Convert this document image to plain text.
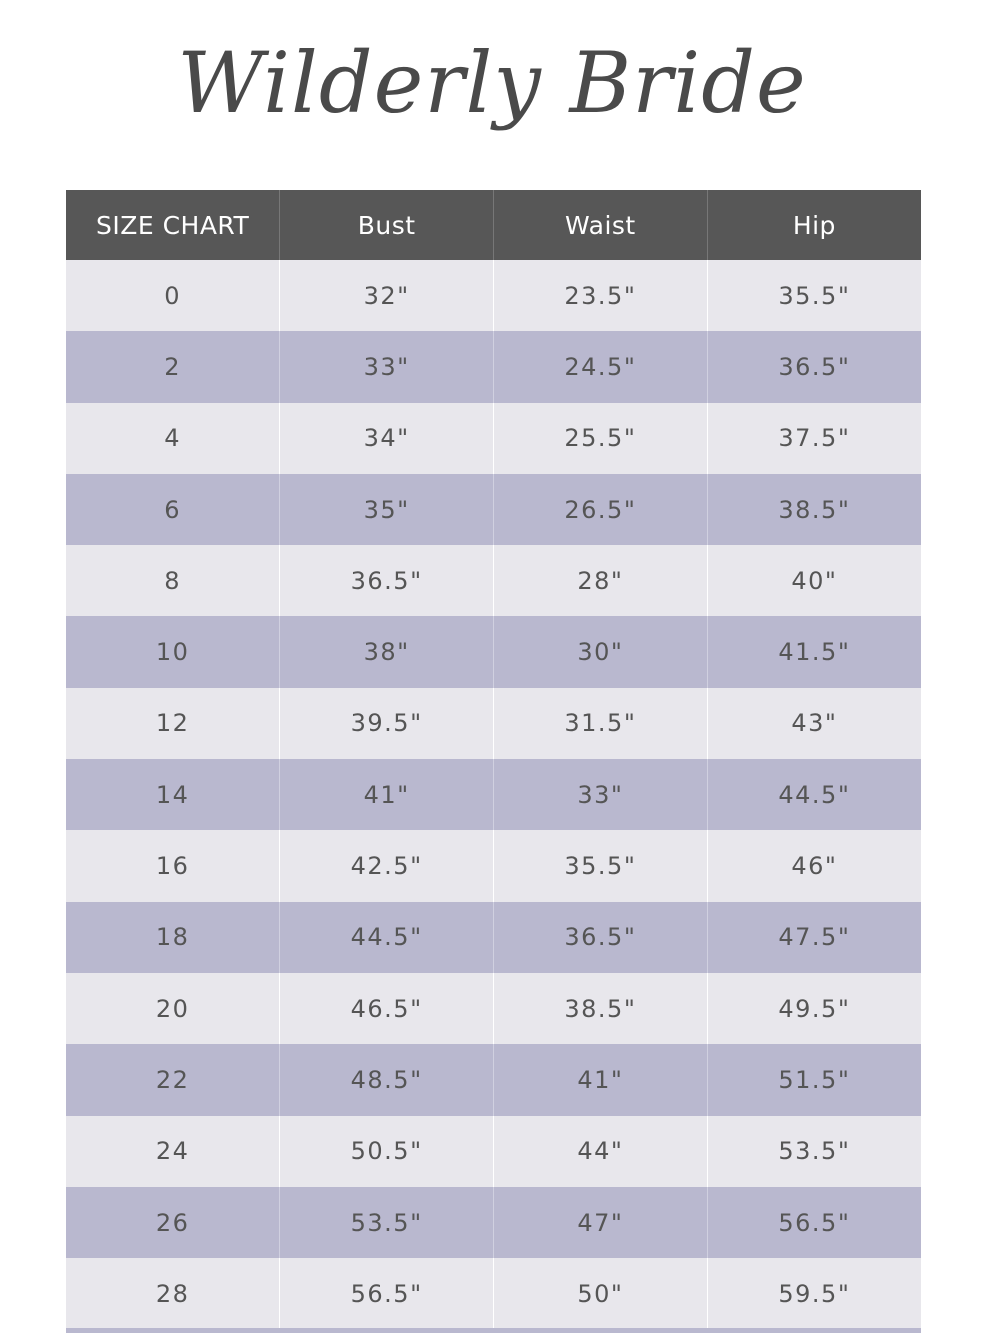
Wilderly Bride
SIZE CHART	Bust	Waist	Hip
0	32"	23.5"	35.5"
2	33"	24.5"	36.5"
4	34"	25.5"	37.5"
6	35"	26.5"	38.5"
8	36.5"	28"	40"
10	38"	30"	41.5"
12	39.5"	31.5"	43"
14	41"	33"	44.5"
16	42.5"	35.5"	46"
18	44.5"	36.5"	47.5"
20	46.5"	38.5"	49.5"
22	48.5"	41"	51.5"
24	50.5"	44"	53.5"
26	53.5"	47"	56.5"
28	56.5"	50"	59.5"
